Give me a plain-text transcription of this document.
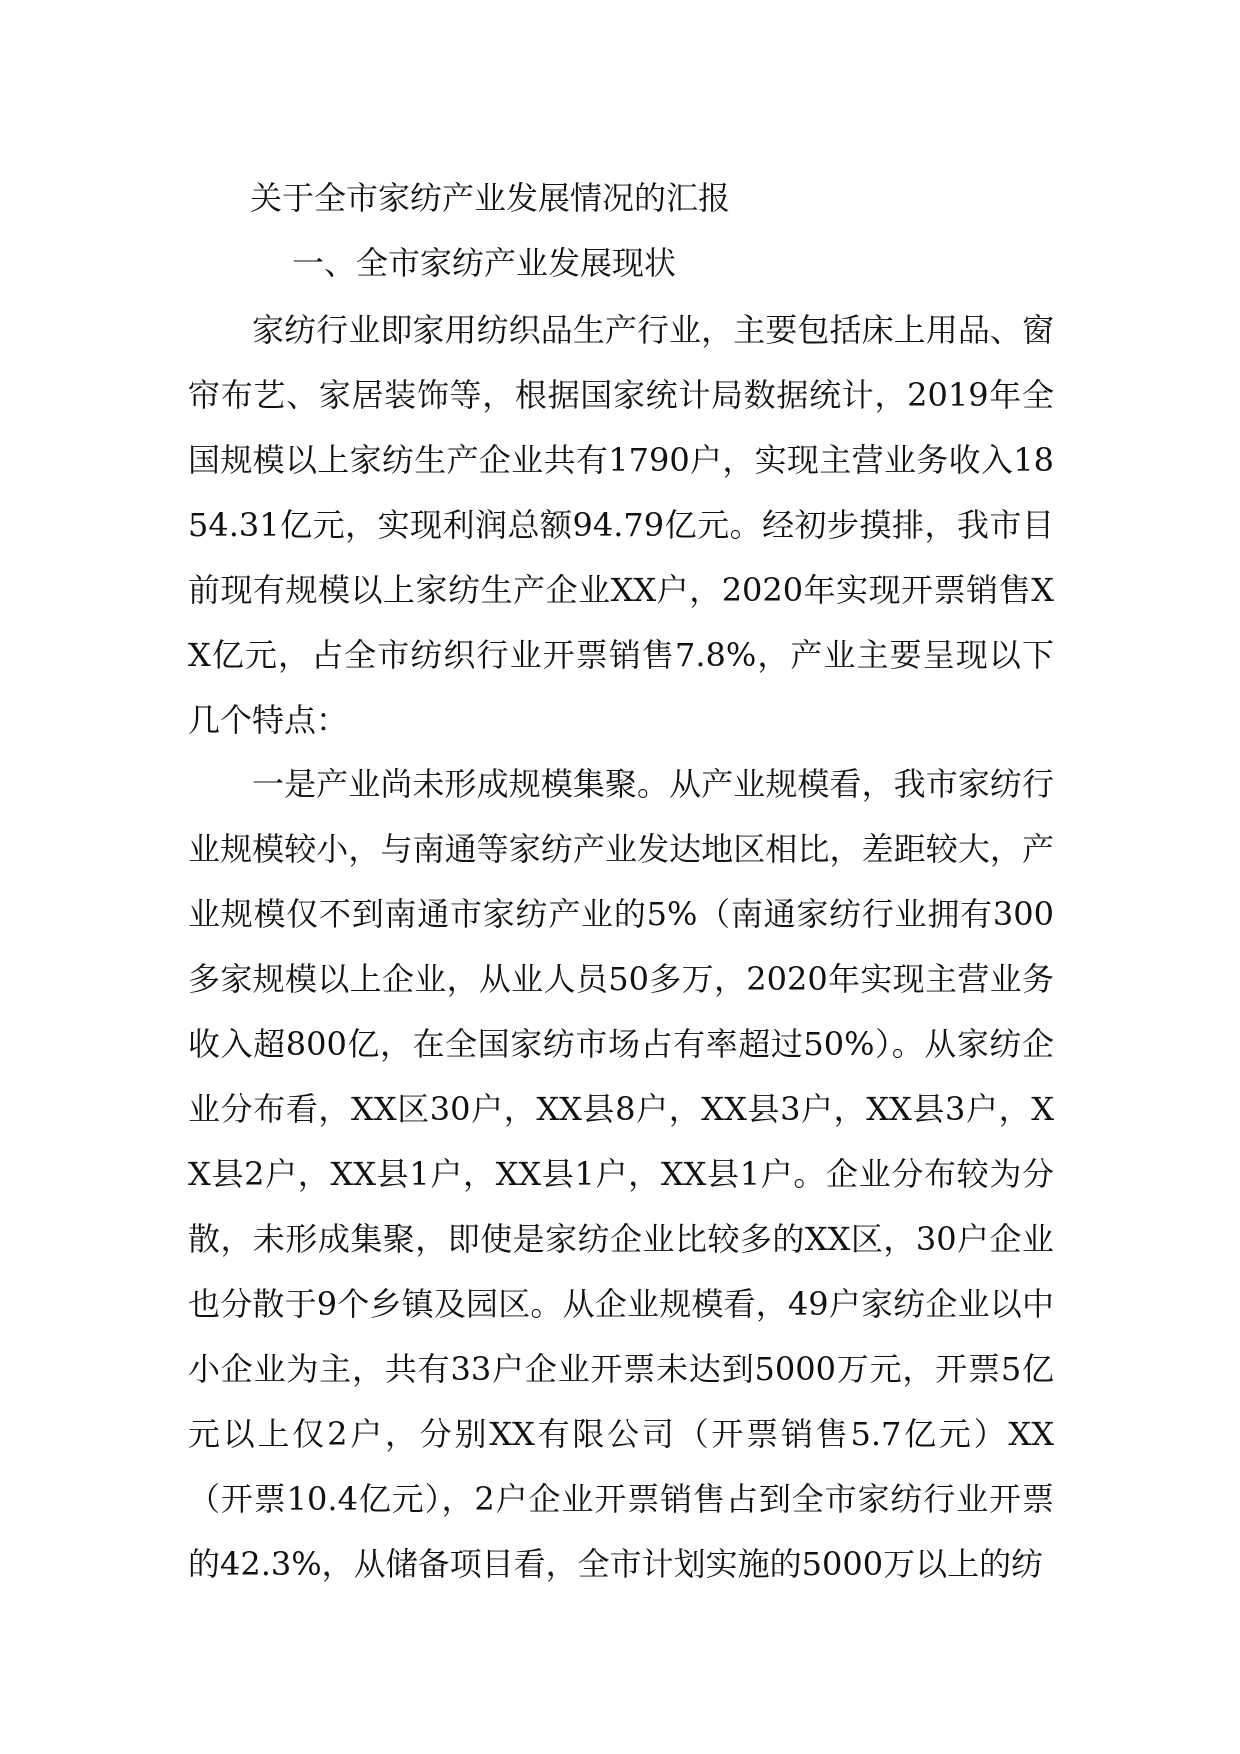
关于全市家纺产业发展情况的汇报
一、全市家纺产业发展现状

家纺行业即家用纺织品生产行业，主要包括床上用品、窗帘布艺、家居装饰等，根据国家统计局数据统计，2019年全国规模以上家纺生产企业共有1790户，实现主营业务收入1854.31亿元，实现利润总额94.79亿元。经初步摸排，我市目前现有规模以上家纺生产企业XX户，2020年实现开票销售XX亿元，占全市纺织行业开票销售7.8%，产业主要呈现以下几个特点：

一是产业尚未形成规模集聚。从产业规模看，我市家纺行业规模较小，与南通等家纺产业发达地区相比，差距较大，产业规模仅不到南通市家纺产业的5%（南通家纺行业拥有300多家规模以上企业，从业人员50多万，2020年实现主营业务收入超800亿，在全国家纺市场占有率超过50%）。从家纺企业分布看，XX区30户，XX县8户，XX县3户，XX县3户，XX县2户，XX县1户，XX县1户，XX县1户。企业分布较为分散，未形成集聚，即使是家纺企业比较多的XX区，30户企业也分散于9个乡镇及园区。从企业规模看，49户家纺企业以中小企业为主，共有33户企业开票未达到5000万元，开票5亿元以上仅2户，分别XX有限公司（开票销售5.7亿元）XX（开票10.4亿元），2户企业开票销售占到全市家纺行业开票的42.3%，从储备项目看，全市计划实施的5000万以上的纺
